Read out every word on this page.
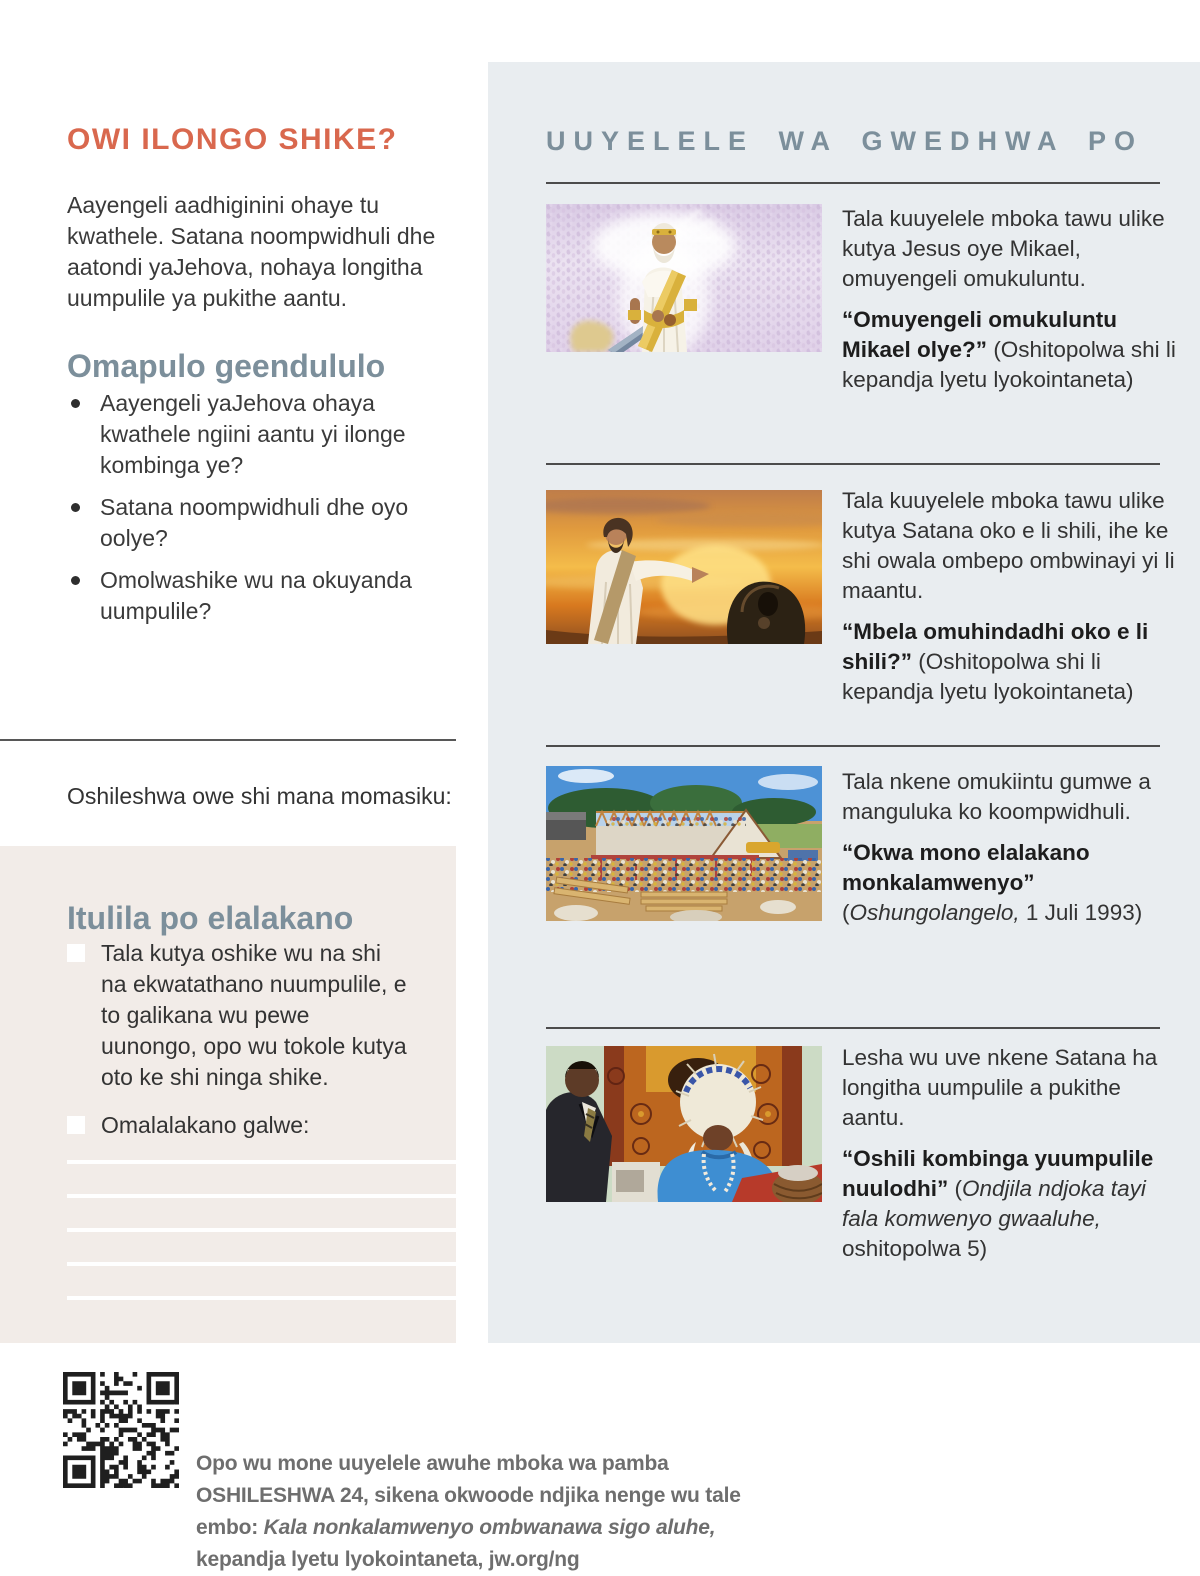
OWI ILONGO SHIKE?

Aayengeli aadhiginini ohaye tu kwathele. Satana noompwidhuli dhe aatondi yaJehova, nohaya longitha uumpulile ya pukithe aantu.

Omapulo geendululo
Aayengeli yaJehova ohaya kwathele ngiini aantu yi ilonge kombinga ye?
Satana noompwidhuli dhe oyo oolye?
Omolwashike wu na okuyanda uumpulile?

Oshileshwa owe shi mana momasiku:

Itulila po elalakano
Tala kutya oshike wu na shi na ekwatathano nuumpulile, e to galikana wu pewe uunongo, opo wu tokole kutya oto ke shi ninga shike.
Omalalakano galwe:
UUYELELE WA GWEDHWA PO

Tala kuuyelele mboka tawu ulike kutya Jesus oye Mikael, omuyengeli omukuluntu.

“Omuyengeli omukuluntu Mikael olye?” (Oshitopolwa shi li kepandja lyetu lyokointaneta)

Tala kuuyelele mboka tawu ulike kutya Satana oko e li shili, ihe ke shi owala ombepo ombwinayi yi li maantu.

“Mbela omuhindadhi oko e li shili?” (Oshitopolwa shi li kepandja lyetu lyokointaneta)

Tala nkene omukiintu gumwe a manguluka ko koompwidhuli.

“Okwa mono elalakano monkalamwenyo” (Oshungolangelo, 1 Juli 1993)

Lesha wu uve nkene Satana ha longitha uumpulile a pukithe aantu.

“Oshili kombinga yuumpulile nuulodhi” (Ondjila ndjoka tayi fala komwenyo gwaaluhe, oshitopolwa 5)

Opo wu mone uuyelele awuhe mboka wa pamba OSHILESHWA 24, sikena okwoode ndjika nenge wu tale embo: Kala nonkalamwenyo ombwanawa sigo aluhe, kepandja lyetu lyokointaneta, jw.org/ng
